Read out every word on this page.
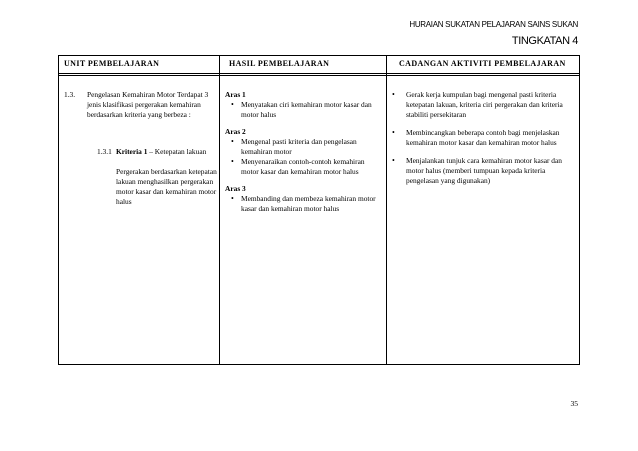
HURAIAN SUKATAN PELAJARAN SAINS SUKAN
TINGKATAN 4
UNIT PEMBELAJARAN	HASIL PEMBELAJARAN	CADANGAN AKTIVITI PEMBELAJARAN
1.3. Pengelasan Kemahiran Motor Terdapat 3 jenis klasifikasi pergerakan kemahiran berdasarkan kriteria yang berbeza :
1.3.1 Kriteria 1 – Ketepatan lakuan
Pergerakan berdasarkan ketepatan lakuan menghasilkan pergerakan motor kasar dan kemahiran motor halus
Aras 1
• Menyatakan ciri kemahiran motor kasar dan motor halus
Aras 2
• Mengenal pasti kriteria dan pengelasan kemahiran motor
• Menyenaraikan contoh-contoh kemahiran motor kasar dan kemahiran motor halus
Aras 3
• Membanding dan membeza kemahiran motor kasar dan kemahiran motor halus
• Gerak kerja kumpulan bagi mengenal pasti kriteria ketepatan lakuan, kriteria ciri pergerakan dan kriteria stabiliti persekitaran
• Membincangkan beberapa contoh bagi menjelaskan kemahiran motor kasar dan kemahiran motor halus
• Menjalankan tunjuk cara kemahiran motor kasar dan motor halus (memberi tumpuan kepada kriteria pengelasan yang digunakan)
35
